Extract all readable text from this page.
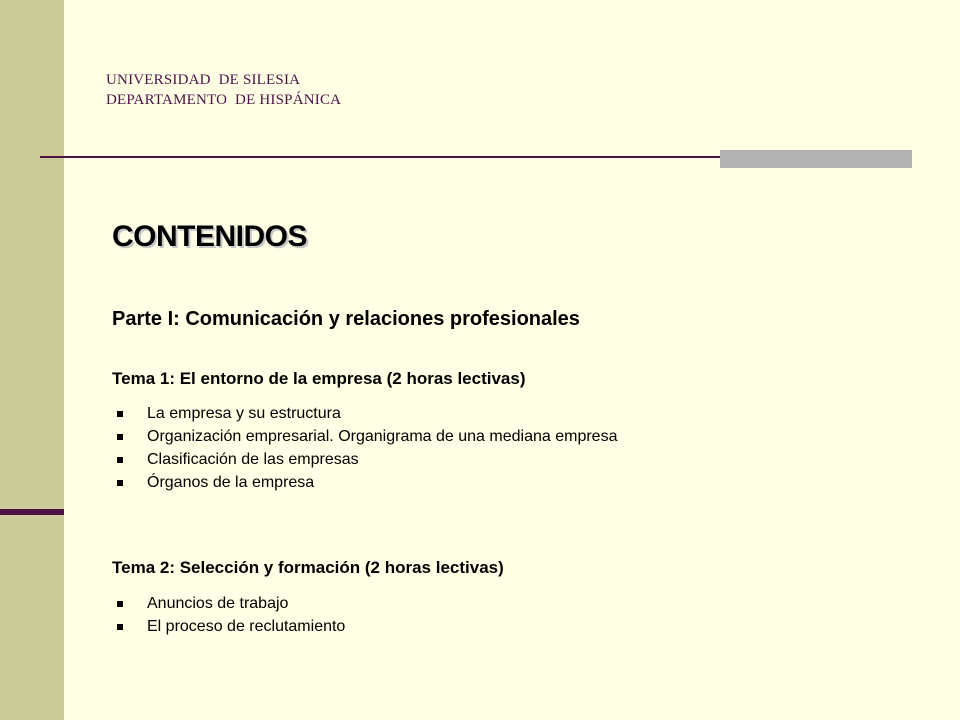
UNIVERSIDAD  DE SILESIA
DEPARTAMENTO  DE HISPÁNICA
CONTENIDOS
Parte I: Comunicación y relaciones profesionales
Tema 1: El entorno de la empresa (2 horas lectivas)
La empresa y su estructura
Organización empresarial. Organigrama de una mediana empresa
Clasificación de las empresas
Órganos de la empresa
Tema 2: Selección y formación (2 horas lectivas)
Anuncios de trabajo
El proceso de reclutamiento
